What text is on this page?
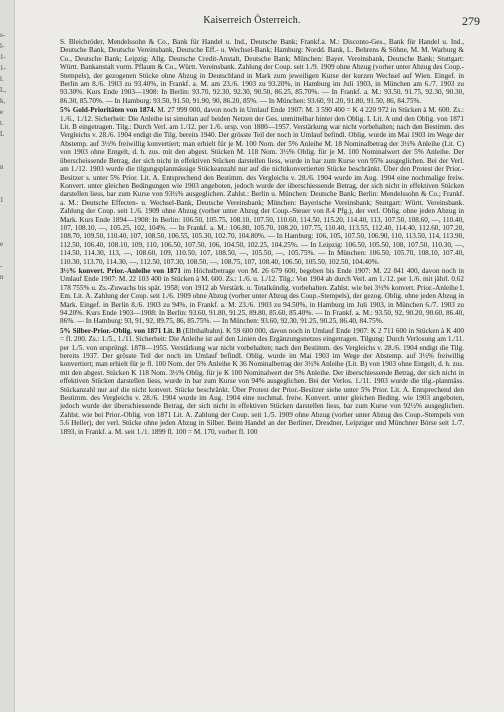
s-
l-
1-
1-
l.
L,
k,
e
t.
L

n

1

e

-
n
Kaiserreich Österreich.	279

S. Bleichröder, Mendelssohn & Co., Bank für Handel u. Ind., Deutsche Bank; Frankf.a. M.: Disconto-Ges., Bank für Handel u. Ind., Deutsche Bank, Deutsche Vereinsbank, Deutsche Eff.- u. Wechsel-Bank; Hamburg: Nordd. Bank, L. Behrens & Söhne, M. M. Warburg & Co., Deutsche Bank; Leipzig: Allg. Deutsche Credit-Anstalt, Deutsche Bank; München: Bayer. Vereinsbank, Deutsche Bank; Stuttgart: Württ. Bankanstalt vorm. Pflaum & Co., Württ. Vereinsbank. Zahlung der Coup. seit 1./9. 1909 ohne Abzug (vorher unter Abzug des Coup.-Stempels), der gezogenen Stücke ohne Abzug in Deutschland in Mark zum jeweiligen Kurse der kurzen Wechsel auf Wien. Eingef. in Berlin am 8./6. 1903 zu 93.40%, in Frankf. a. M. am 23./6. 1903 zu 93.20%, in Hamburg im Juli 1903, in München am 6./7. 1903 zu 93.30%. Kurs Ende 1903—1908: In Berlin: 93.70, 92.30, 92.30, 90.50, 86.25, 85.70%. — In Frankf. a. M.: 93.50, 91.75, 92.30, 90.30, 86.30, 85.70%. — In Hamburg: 93.50, 91.50, 91.90, 90, 86.20, 85%. — In München: 93.60, 91.20, 91.80, 91.50, 86, 84.75%.

5% Gold-Prioritäten von 1874. M. 27 999 000, davon noch in Umlauf Ende 1907: M. 3 590 400 = K 4 220 972 in Stücken à M. 600. Zs.: 1./6., 1./12. Sicherheit: Die Anleihe ist simultan auf beiden Netzen der Ges. unmittelbar hinter den Oblig. I. Lit. A und den Oblig. von 1871 Lit. B eingetragen. Tilg.: Durch Verl. am 1./12. per 1./6. ursp. von 1880—1957. Verstärkung war nicht vorbehalten; nach den Bestimm. des Vergleichs v. 28./6. 1904 endigt die Tilg. bereits 1940. Der grösste Teil der noch in Umlauf befindl. Oblig. wurde im Mai 1903 im Wege der Abstemp. auf 3½% freiwillig konvertiert; man erhielt für je M. 100 Nom. der 5% Anleihe M. 18 Nominalbetrag der 3½% Anleihe (Lit. C) von 1903 ohne Entgelt, d. h. zus. mit den abgest. Stücken M. 118 Nom. 3½% Oblig. für je M. 100 Nominalwert der 5% Anleihe. Der überscheissende Betrag, der sich nicht in effektiven Stücken darstellen liess, wurde in bar zum Kurse von 95% ausgeglichen. Bei der Verl. am 1./12. 1903 wurde die tilgungsplanmässige Stückeanzahl nur auf die nichtkonvertierten Stücke beschränkt. Über den Protest der Prior.-Besitzer s. unter 5% Prior. Lit. A. Entsprechend den Bestimm. des Vergleichs v. 28./6. 1904 wurde im Aug. 1904 eine nochmalige freiw. Konvert. unter gleichen Bedingungen wie 1903 angeboten, jedoch wurde der überschiessende Betrag, der sich nicht in effektiven Stücken darstellen liess, bar zum Kurse von 93½% ausgeglichen. Zahlst.: Berlin u. München: Deutsche Bank; Berlin: Mendelssohn & Co.; Frankf. a. M.: Deutsche Effecten- u. Wechsel-Bank, Deutsche Vereinsbank; München: Bayerische Vereinsbank; Stuttgart: Württ. Vereinsbank. Zahlung der Coup. seit 1./6. 1909 ohne Abzug (vorher unter Abzug der Coup.-Steuer von 8.4 Pfg.), der verl. Oblig. ohne jeden Abzug in Mark. Kurs Ende 1894—1908: In Berlin: 106.50, 105.75, 108.10, 107.50, 110.60, 114.50, 115.20, 114.40, 113, 107.50, 108.60, —, 110.40, 107, 108.10, —, 105.25, 102, 104%. — In Frankf. a. M.: 106.80, 105.70, 108.20, 107.75, 110.40, 113.55, 112.40, 114.40, 112.60, 107.20, 108.70, 109.50, 110.40, 107, 108.50, 106.55, 105.30, 102.70, 104.80%. — In Hamburg: 106, 105, 107.50, 106.90, 110, 113.50, 114, 113.90, 112.50, 106.40, 108.10, 109, 110, 106.50, 107.50, 106, 104.50, 102.25, 104.25%. — In Leipzig: 106.50, 105.50, 108, 107.50, 110.30, —, 114.50, 114.30, 113, —, 108.60, 109, 110.50, 107, 108.50, —, 105.50, —, 105.75%. — In München: 106.50, 105.70, 108.10, 107.40, 110.30, 113.70, 114.30, —, 112.50, 107.30, 108.50, —, 108.75, 107, 108.40, 106.50, 105.50, 102.50, 104.40%.

3½% konvert. Prior.-Anleihe von 1871 im Höchstbetrage von M. 26 679 600, begeben bis Ende 1907: M. 22 841 400, davon noch in Umlauf Ende 1907: M. 22 103 400 in Stücken à M. 600. Zs.: 1./6. u. 1./12. Tilg.: Von 1904 ab durch Verl. am 1./12. per 1./6. mit jährl. 0.62 178 755% u. Zs.-Zuwachs bis spät. 1958; von 1912 ab Verstärk. u. Totalkündig. vorbehalten. Zahlst. wie bei 3½% konvert. Prior.-Anleihe I. Em. Lit. A. Zahlung der Coup. seit 1./6. 1909 ohne Abzug (vorher unter Abzug des Coup.-Stempels), der gezog. Oblig. ohne jeden Abzug in Mark. Eingef. in Berlin 8./6. 1903 zu 94%, in Frankf. a. M. 23./6. 1903 zu 94.50%, in Hamburg im Juli 1903, in München 6./7. 1903 zu 94.20%. Kurs Ende 1903—1908: In Berlin: 93.60, 91.80, 91.25, 89.80, 85.60, 85.40%. — In Frankf. a. M.: 93.50, 92, 90.20, 90.60, 86.40, 86%. — In Hamburg: 93, 91, 92, 89.75, 86, 85.75%. — In München: 93.60, 92.30, 91.25, 90.25, 86.40, 84.75%.

5% Silber-Prior.-Oblig. von 1871 Lit. B (Elbthalbahn). K 59 600 000, davon noch in Umlauf Ende 1907: K 2 711 600 in Stücken à K 400 = fl. 200. Zs.: 1./5., 1./11. Sicherheit: Die Anleihe ist auf den Linien des Ergänzungsnetzes eingetragen. Tilgung: Durch Verlosung am 1./11. per 1./5. von ursprüngl. 1878—1955. Verstärkung war nicht vorbehalten; nach den Bestimm. des Vergleichs v. 28./6. 1904 endigt die Tilg. bereits 1937. Der grösste Teil der noch im Umlauf befindl. Oblig. wurde im Mai 1903 im Wege der Abstemp. auf 3½% freiwillig konvertiert; man erhielt für je fl. 100 Nom. der 5% Anleihe K 36 Nominalbetrag der 3½% Anleihe (Lit. B) von 1903 ohne Entgelt, d. h. zus. mit den abgest. Stücken K 118 Nom. 3½% Oblig. für je K 100 Nominalwert der 5% Anleihe. Der überschiessende Betrag, der sich nicht in effektiven Stücken darstellen liess, wurde in bar zum Kurse von 94% ausgeglichen. Bei der Verlos. 1./11. 1903 wurde die tilg.-planmäss. Stückanzahl nur auf die nicht konvert. Stücke beschränkt. Über Protest der Prior.-Besitzer siehe unter 5% Prior. Lit. A. Entsprechend den Bestimm. des Vergleichs v. 28./6. 1904 wurde im Aug. 1904 eine nochmal. freiw. Konvert. unter gleichen Beding. wie 1903 angeboten, jedoch wurde der überschiessende Betrag, der sich nicht in effektiven Stücken darstellen liess, bar zum Kurse von 92½% ausgeglichen. Zahlst. wie bei Prior.-Oblig. von 1871 Lit. A. Zahlung der Coup. seit 1./5. 1909 ohne Abzug (vorher unter Abzug des Coup.-Stempels von 5.6 Heller), der verl. Stücke ohne jeden Abzug in Silber. Beim Handel an der Berliner, Dresdner, Leipziger und Münchner Börse seit 1./7. 1893, in Frankf. a. M. seit 1./1. 1899 fl. 100 = M. 170, vorher fl. 100
